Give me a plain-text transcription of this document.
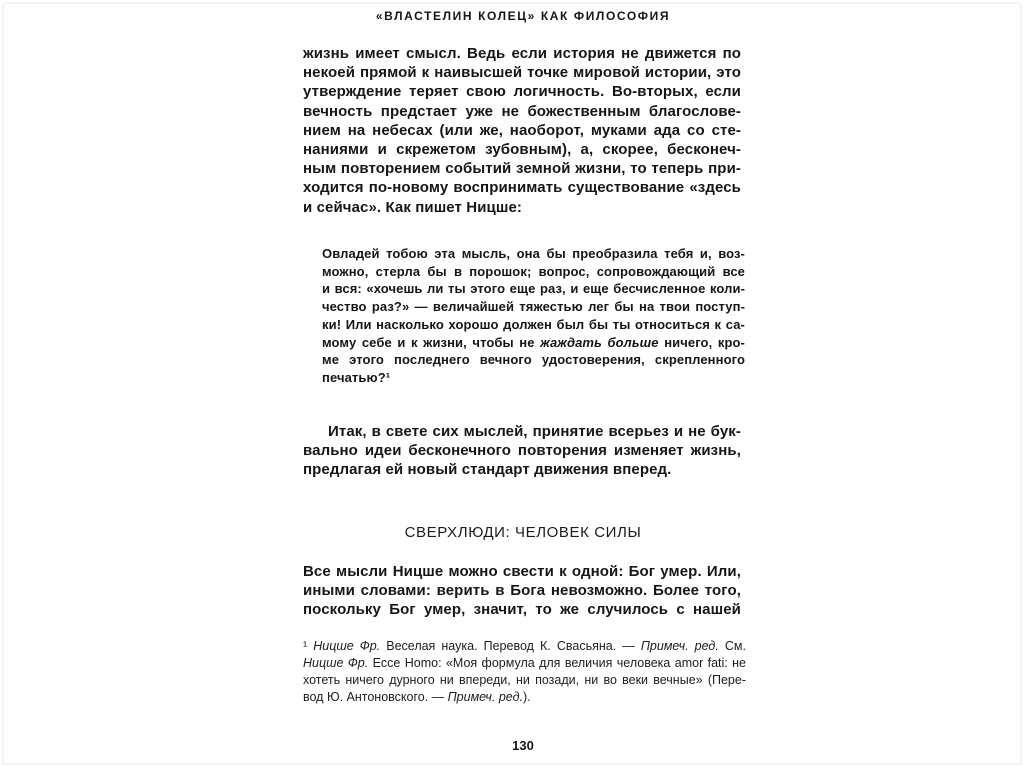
«ВЛАСТЕЛИН КОЛЕЦ» КАК ФИЛОСОФИЯ
жизнь имеет смысл. Ведь если история не движется по
некоей прямой к наивысшей точке мировой истории, это
утверждение теряет свою логичность. Во-вторых, если
вечность предстает уже не божественным благослове-
нием на небесах (или же, наоборот, муками ада со сте-
наниями и скрежетом зубовным), а, скорее, бесконеч-
ным повторением событий земной жизни, то теперь при-
ходится по-новому воспринимать существование «здесь
и сейчас». Как пишет Ницше:
Овладей тобою эта мысль, она бы преобразила тебя и, воз-
можно, стерла бы в порошок; вопрос, сопровождающий все
и вся: «хочешь ли ты этого еще раз, и еще бесчисленное коли-
чество раз?» — величайшей тяжестью лег бы на твои поступ-
ки! Или насколько хорошо должен был бы ты относиться к са-
мому себе и к жизни, чтобы не жаждать больше ничего, кро-
ме этого последнего вечного удостоверения, скрепленного
печатью?¹
Итак, в свете сих мыслей, принятие всерьез и не бук-
вально идеи бесконечного повторения изменяет жизнь,
предлагая ей новый стандарт движения вперед.
СВЕРХЛЮДИ: ЧЕЛОВЕК СИЛЫ
Все мысли Ницше можно свести к одной: Бог умер. Или,
иными словами: верить в Бога невозможно. Более того,
поскольку Бог умер, значит, то же случилось с нашей
¹ Ницше Фр. Веселая наука. Перевод К. Свасьяна. — Примеч. ред. См.
Ницше Фр. Ecce Homo: «Моя формула для величия человека amor fati: не
хотеть ничего дурного ни впереди, ни позади, ни во веки вечные» (Пере-
вод Ю. Антоновского. — Примеч. ред.).
130
